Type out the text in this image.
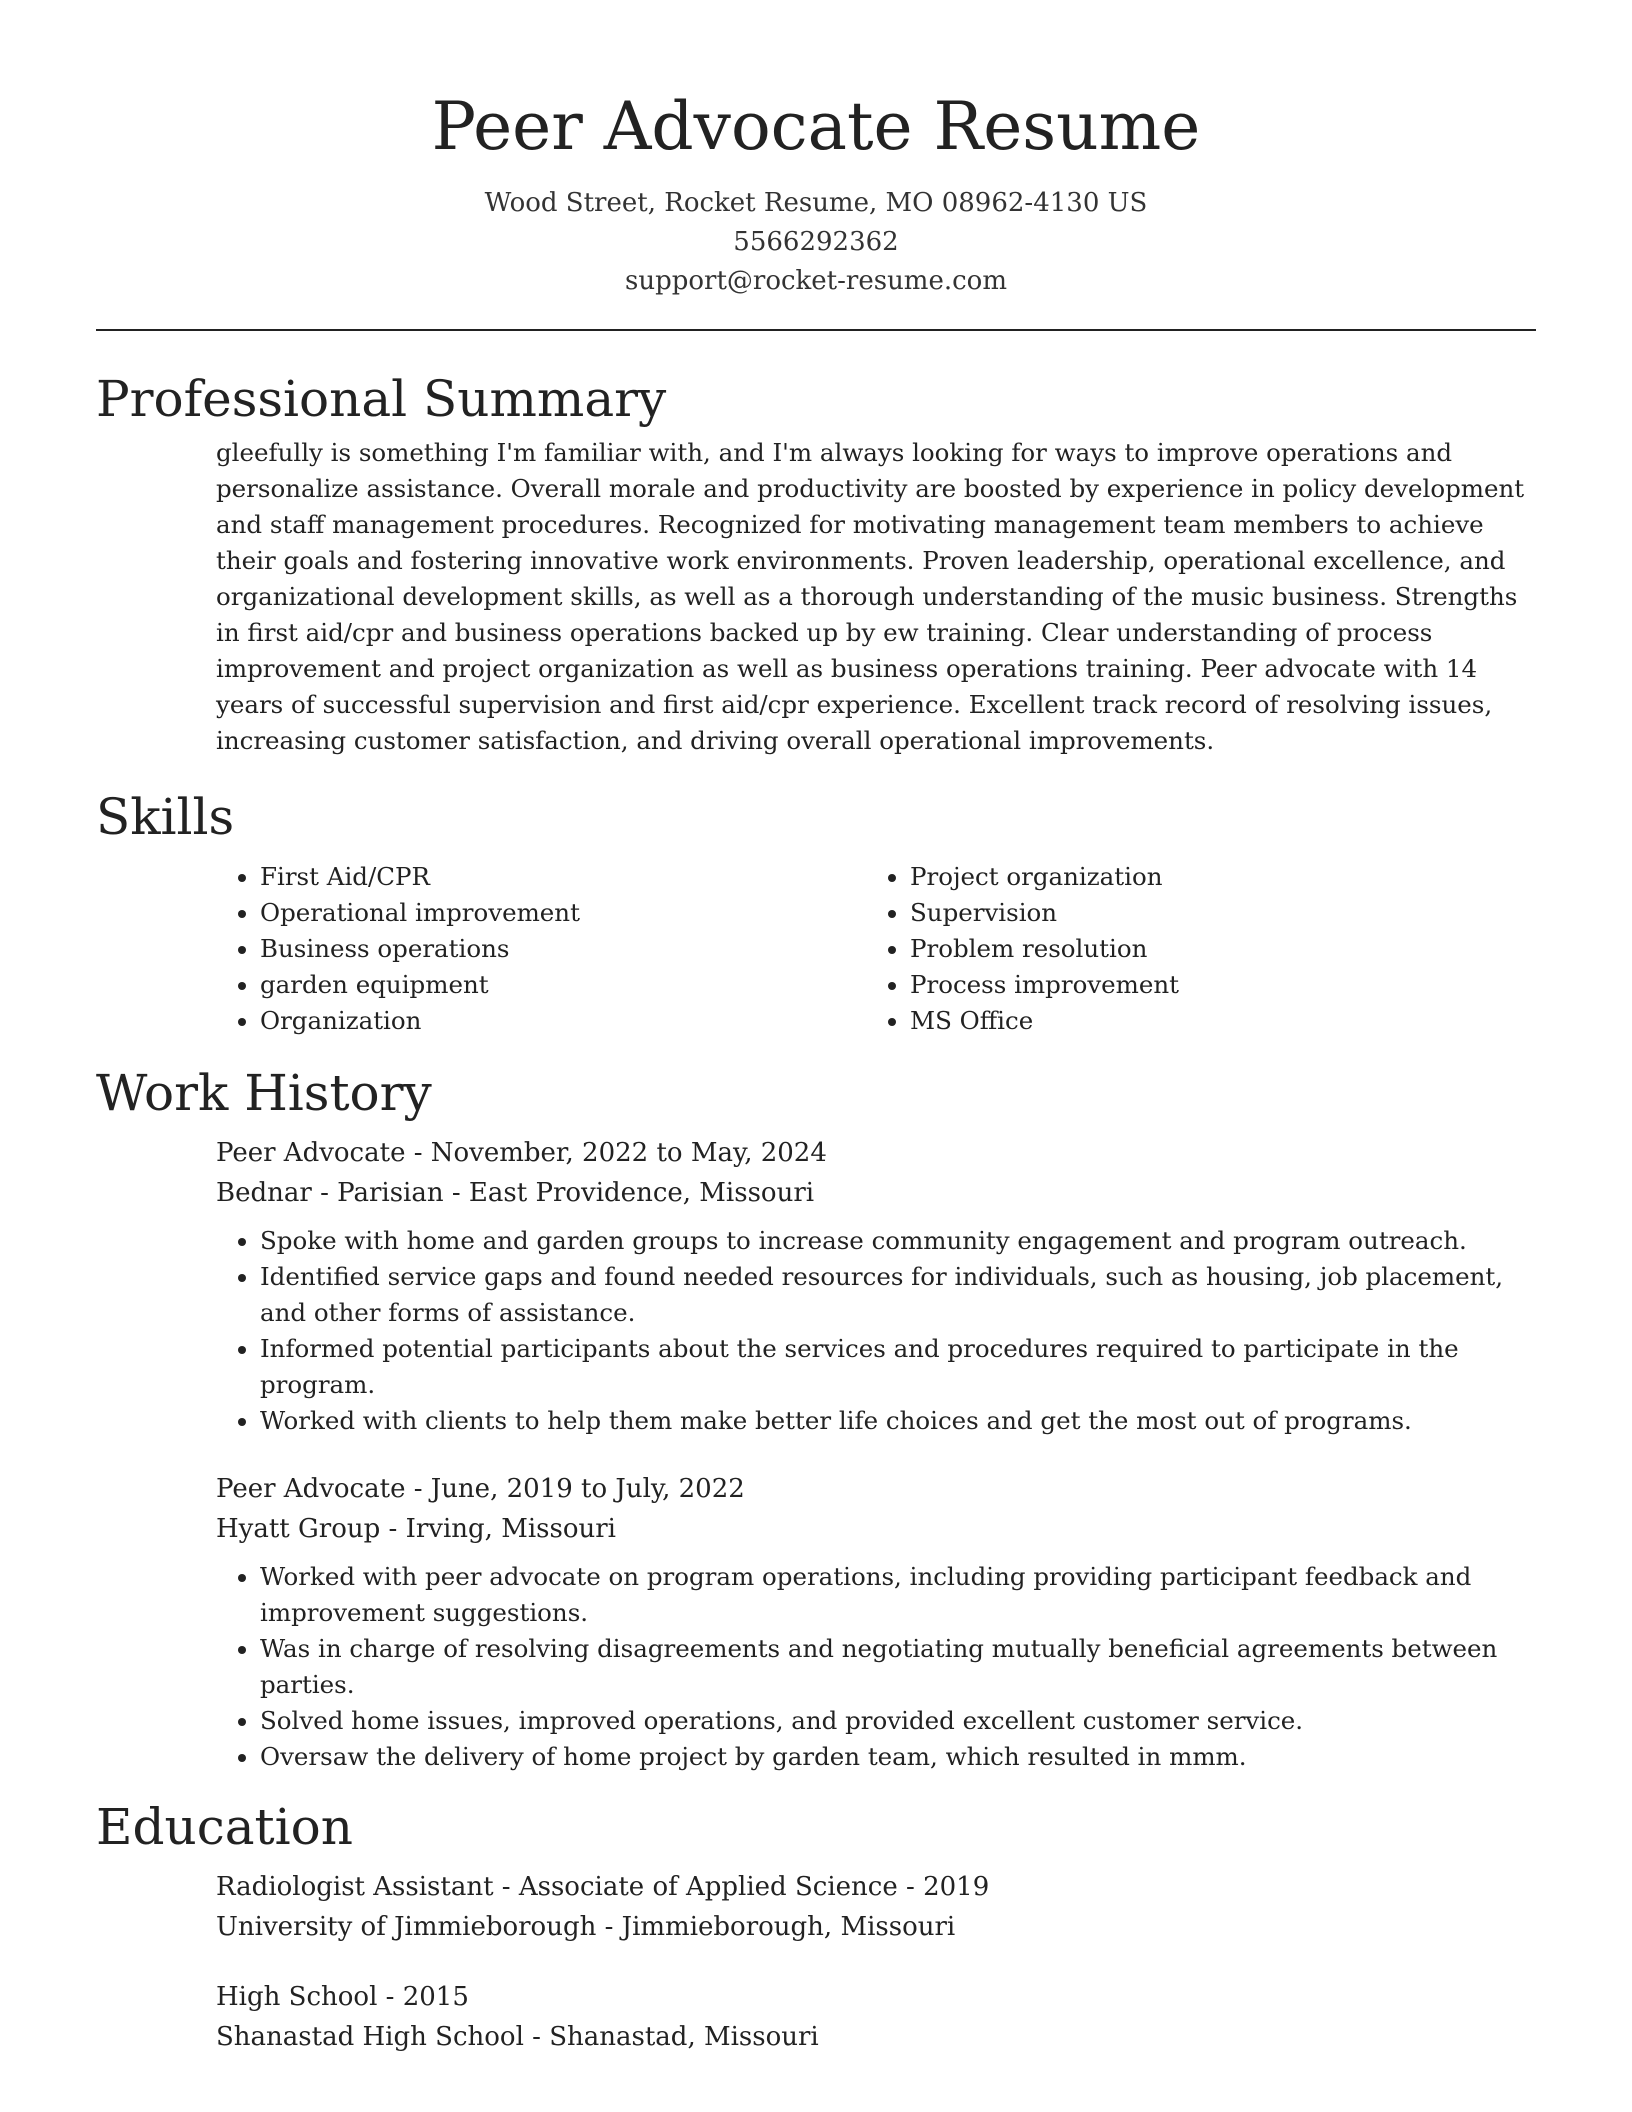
Peer Advocate Resume
Wood Street, Rocket Resume, MO 08962-4130 US
5566292362
support@rocket-resume.com
Professional Summary

gleefully is something I'm familiar with, and I'm always looking for ways to improve operations and personalize assistance. Overall morale and productivity are boosted by experience in policy development and staff management procedures. Recognized for motivating management team members to achieve their goals and fostering innovative work environments. Proven leadership, operational excellence, and organizational development skills, as well as a thorough understanding of the music business. Strengths in first aid/cpr and business operations backed up by ew training. Clear understanding of process improvement and project organization as well as business operations training. Peer advocate with 14 years of successful supervision and first aid/cpr experience. Excellent track record of resolving issues, increasing customer satisfaction, and driving overall operational improvements.

Skills
• First Aid/CPR
• Operational improvement
• Business operations
• garden equipment
• Organization
• Project organization
• Supervision
• Problem resolution
• Process improvement
• MS Office
Work History
Peer Advocate - November, 2022 to May, 2024
Bednar - Parisian - East Providence, Missouri
• Spoke with home and garden groups to increase community engagement and program outreach.
• Identified service gaps and found needed resources for individuals, such as housing, job placement, and other forms of assistance.
• Informed potential participants about the services and procedures required to participate in the program.
• Worked with clients to help them make better life choices and get the most out of programs.
Peer Advocate - June, 2019 to July, 2022
Hyatt Group - Irving, Missouri
• Worked with peer advocate on program operations, including providing participant feedback and improvement suggestions.
• Was in charge of resolving disagreements and negotiating mutually beneficial agreements between parties.
• Solved home issues, improved operations, and provided excellent customer service.
• Oversaw the delivery of home project by garden team, which resulted in mmm.
Education
Radiologist Assistant - Associate of Applied Science - 2019
University of Jimmieborough - Jimmieborough, Missouri
High School - 2015
Shanastad High School - Shanastad, Missouri
